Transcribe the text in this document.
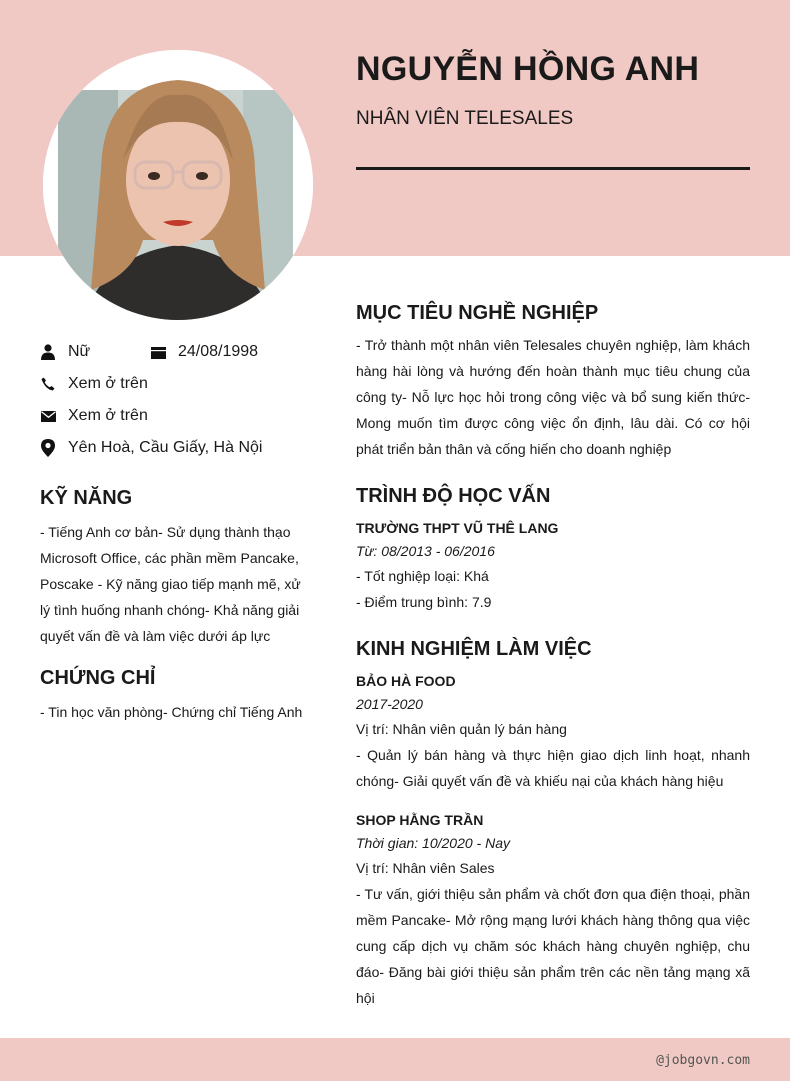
NGUYỄN HỒNG ANH
NHÂN VIÊN TELESALES
Nữ	24/08/1998
Xem ở trên
Xem ở trên
Yên Hoà, Cầu Giấy, Hà Nội
KỸ NĂNG
- Tiếng Anh cơ bản- Sử dụng thành thạo Microsoft Office, các phần mềm Pancake, Poscake - Kỹ năng giao tiếp mạnh mẽ, xử lý tình huống nhanh chóng- Khả năng giải quyết vấn đề và làm việc dưới áp lực
CHỨNG CHỈ
- Tin học văn phòng- Chứng chỉ Tiếng Anh
MỤC TIÊU NGHỀ NGHIỆP
- Trở thành một nhân viên Telesales chuyên nghiệp, làm khách hàng hài lòng và hướng đến hoàn thành mục tiêu chung của công ty- Nỗ lực học hỏi trong công việc và bổ sung kiến thức- Mong muốn tìm được công việc ổn định, lâu dài. Có cơ hội phát triển bản thân và cống hiến cho doanh nghiệp
TRÌNH ĐỘ HỌC VẤN
TRƯỜNG THPT VŨ THÊ LANG
Từ: 08/2013 - 06/2016
- Tốt nghiệp loại: Khá
- Điểm trung bình: 7.9
KINH NGHIỆM LÀM VIỆC
BẢO HÀ FOOD
2017-2020
Vị trí: Nhân viên quản lý bán hàng
- Quản lý bán hàng và thực hiện giao dịch linh hoạt, nhanh chóng- Giải quyết vấn đề và khiếu nại của khách hàng hiệu
SHOP HẰNG TRẦN
Thời gian: 10/2020 - Nay
Vị trí: Nhân viên Sales
- Tư vấn, giới thiệu sản phẩm và chốt đơn qua điện thoại, phần mềm Pancake- Mở rộng mạng lưới khách hàng thông qua việc cung cấp dịch vụ chăm sóc khách hàng chuyên nghiệp, chu đáo- Đăng bài giới thiệu sản phẩm trên các nền tảng mạng xã hội
@jobgovn.com
